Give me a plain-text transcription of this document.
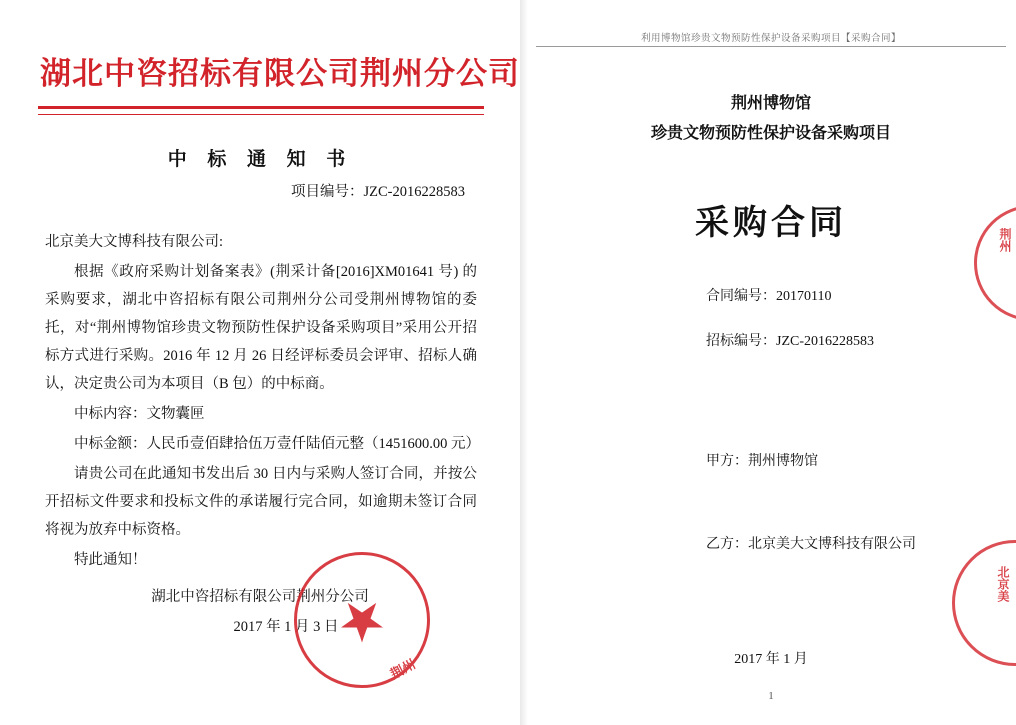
湖北中咨招标有限公司荆州分公司
中 标 通 知 书
项目编号：JZC-2016228583

北京美大文博科技有限公司:

根据《政府采购计划备案表》(荆采计备[2016]XM01641 号) 的采购要求，湖北中咨招标有限公司荆州分公司受荆州博物馆的委托，对“荆州博物馆珍贵文物预防性保护设备采购项目”采用公开招标方式进行采购。2016 年 12 月 26 日经评标委员会评审、招标人确认，决定贵公司为本项目（B 包）的中标商。

中标内容：文物囊匣

中标金额：人民币壹佰肆拾伍万壹仟陆佰元整（1451600.00 元）

请贵公司在此通知书发出后 30 日内与采购人签订合同，并按公开招标文件要求和投标文件的承诺履行完合同，如逾期未签订合同将视为放弃中标资格。

特此通知！

湖北中咨招标有限公司荆州分公司
2017 年 1 月 3 日
荆州
利用博物馆珍贵文物预防性保护设备采购项目【采购合同】
荆州博物馆
珍贵文物预防性保护设备采购项目
采购合同
合同编号：20170110
招标编号：JZC-2016228583
甲方：荆州博物馆
乙方：北京美大文博科技有限公司
2017 年 1 月
1
荆州
北京美
